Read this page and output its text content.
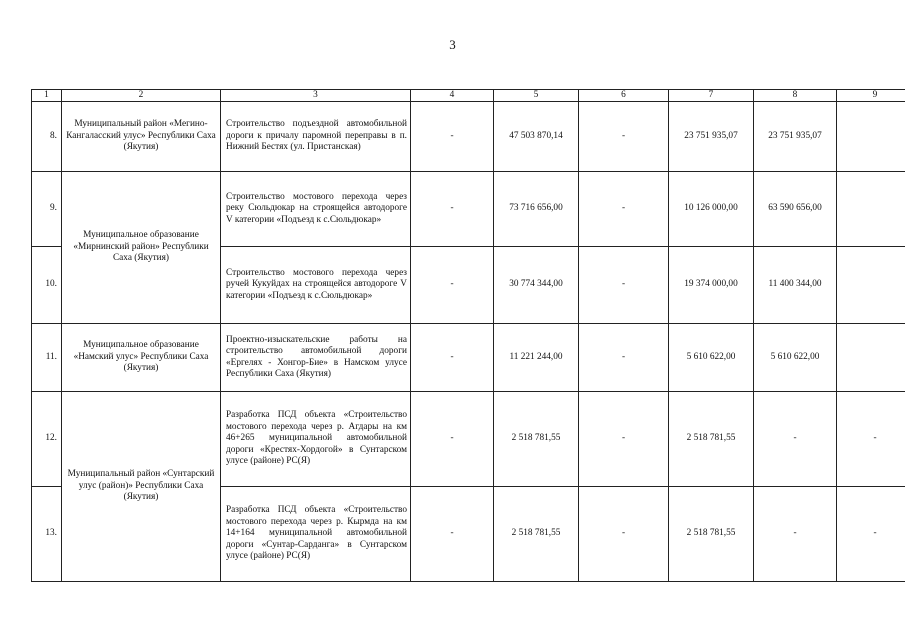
3
1	2	3	4	5	6	7	8	9
8.	Муниципальный район «Мегино-Кангаласский улус» Республики Саха (Якутия)	Строительство подъездной автомобильной дороги к причалу паромной переправы в п. Нижний Бестях (ул. Пристанская)	-	47 503 870,14	-	23 751 935,07	23 751 935,07	
9.	Муниципальное образование «Мирнинский район» Республики Саха (Якутия)	Строительство мостового перехода через реку Сюльдюкар на строящейся автодороге V категории «Подъезд к с.Сюльдюкар»	-	73 716 656,00	-	10 126 000,00	63 590 656,00	
10.		Строительство мостового перехода через ручей Кукуйдах на строящейся автодороге V категории «Подъезд к с.Сюльдюкар»	-	30 774 344,00	-	19 374 000,00	11 400 344,00	
11.	Муниципальное образование «Намский улус» Республики Саха (Якутия)	Проектно-изыскательские работы на строительство автомобильной дороги «Ергелях - Хонгор-Бие» в Намском улусе Республики Саха (Якутия)	-	11 221 244,00	-	5 610 622,00	5 610 622,00	
12.	Муниципальный район «Сунтарский улус (район)» Республики Саха (Якутия)	Разработка ПСД объекта «Строительство мостового перехода через р. Агдары на км 46+265 муниципальной автомобильной дороги «Крестях-Хордогой» в Сунтарском улусе (районе) РС(Я)	-	2 518 781,55	-	2 518 781,55	-	-
13.		Разработка ПСД объекта «Строительство мостового перехода через р. Кырмда на км 14+164 муниципальной автомобильной дороги «Сунтар-Сарданга» в Сунтарском улусе (районе) РС(Я)	-	2 518 781,55	-	2 518 781,55	-	-
